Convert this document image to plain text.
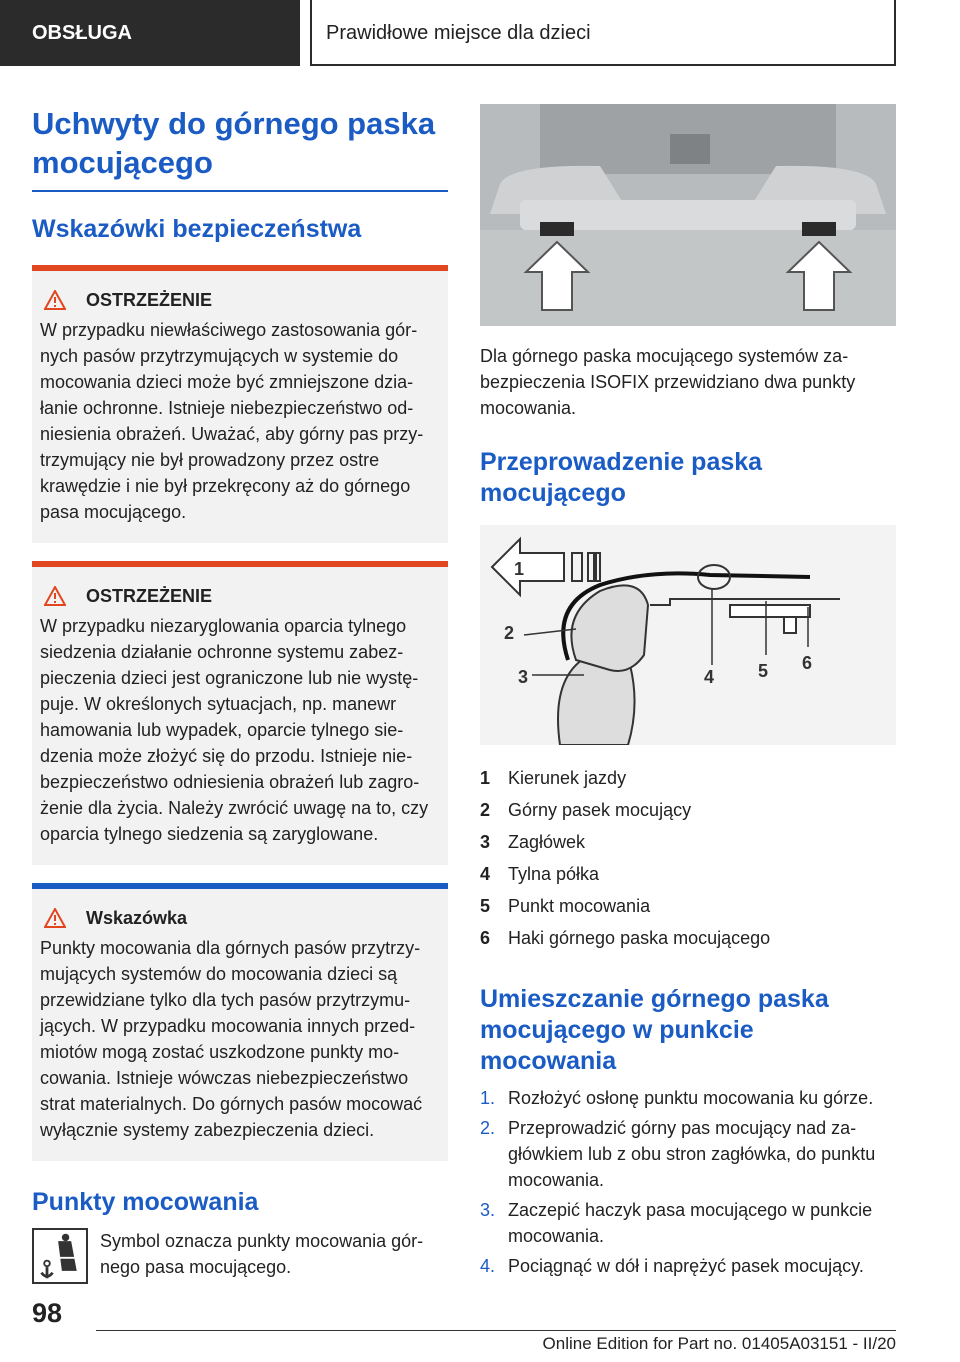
OBSŁUGA	Prawidłowe miejsce dla dzieci
Uchwyty do górnego paska mocującego
Wskazówki bezpieczeństwa
OSTRZEŻENIE

W przypadku niewłaściwego zastosowania górnych pasów przytrzymujących w systemie do mocowania dzieci może być zmniejszone działanie ochronne. Istnieje niebezpieczeństwo odniesienia obrażeń. Uważać, aby górny pas przytrzymujący nie był prowadzony przez ostre krawędzie i nie był przekręcony aż do górnego pasa mocującego.

OSTRZEŻENIE

W przypadku niezaryglowania oparcia tylnego siedzenia działanie ochronne systemu zabezpieczenia dzieci jest ograniczone lub nie występuje. W określonych sytuacjach, np. manewr hamowania lub wypadek, oparcie tylnego siedzenia może złożyć się do przodu. Istnieje niebezpieczeństwo odniesienia obrażeń lub zagrożenie dla życia. Należy zwrócić uwagę na to, czy oparcia tylnego siedzenia są zaryglowane.

Wskazówka

Punkty mocowania dla górnych pasów przytrzymujących systemów do mocowania dzieci są przewidziane tylko dla tych pasów przytrzymujących. W przypadku mocowania innych przedmiotów mogą zostać uszkodzone punkty mocowania. Istnieje wówczas niebezpieczeństwo strat materialnych. Do górnych pasów mocować wyłącznie systemy zabezpieczenia dzieci.

Punkty mocowania

Symbol oznacza punkty mocowania górnego pasa mocującego.

Dla górnego paska mocującego systemów zabezpieczenia ISOFIX przewidziano dwa punkty mocowania.

Przeprowadzenie paska mocującego
1
2
3	4 5 6
1 Kierunek jazdy
2 Górny pasek mocujący
3 Zagłówek
4 Tylna półka
5 Punkt mocowania
6 Haki górnego paska mocującego
Umieszczanie górnego paska mocującego w punkcie mocowania
1. Rozłożyć osłonę punktu mocowania ku górze.
2. Przeprowadzić górny pas mocujący nad zagłówkiem lub z obu stron zagłówka, do punktu mocowania.
3. Zaczepić haczyk pasa mocującego w punkcie mocowania.
4. Pociągnąć w dół i naprężyć pasek mocujący.
98
Online Edition for Part no. 01405A03151 - II/20
